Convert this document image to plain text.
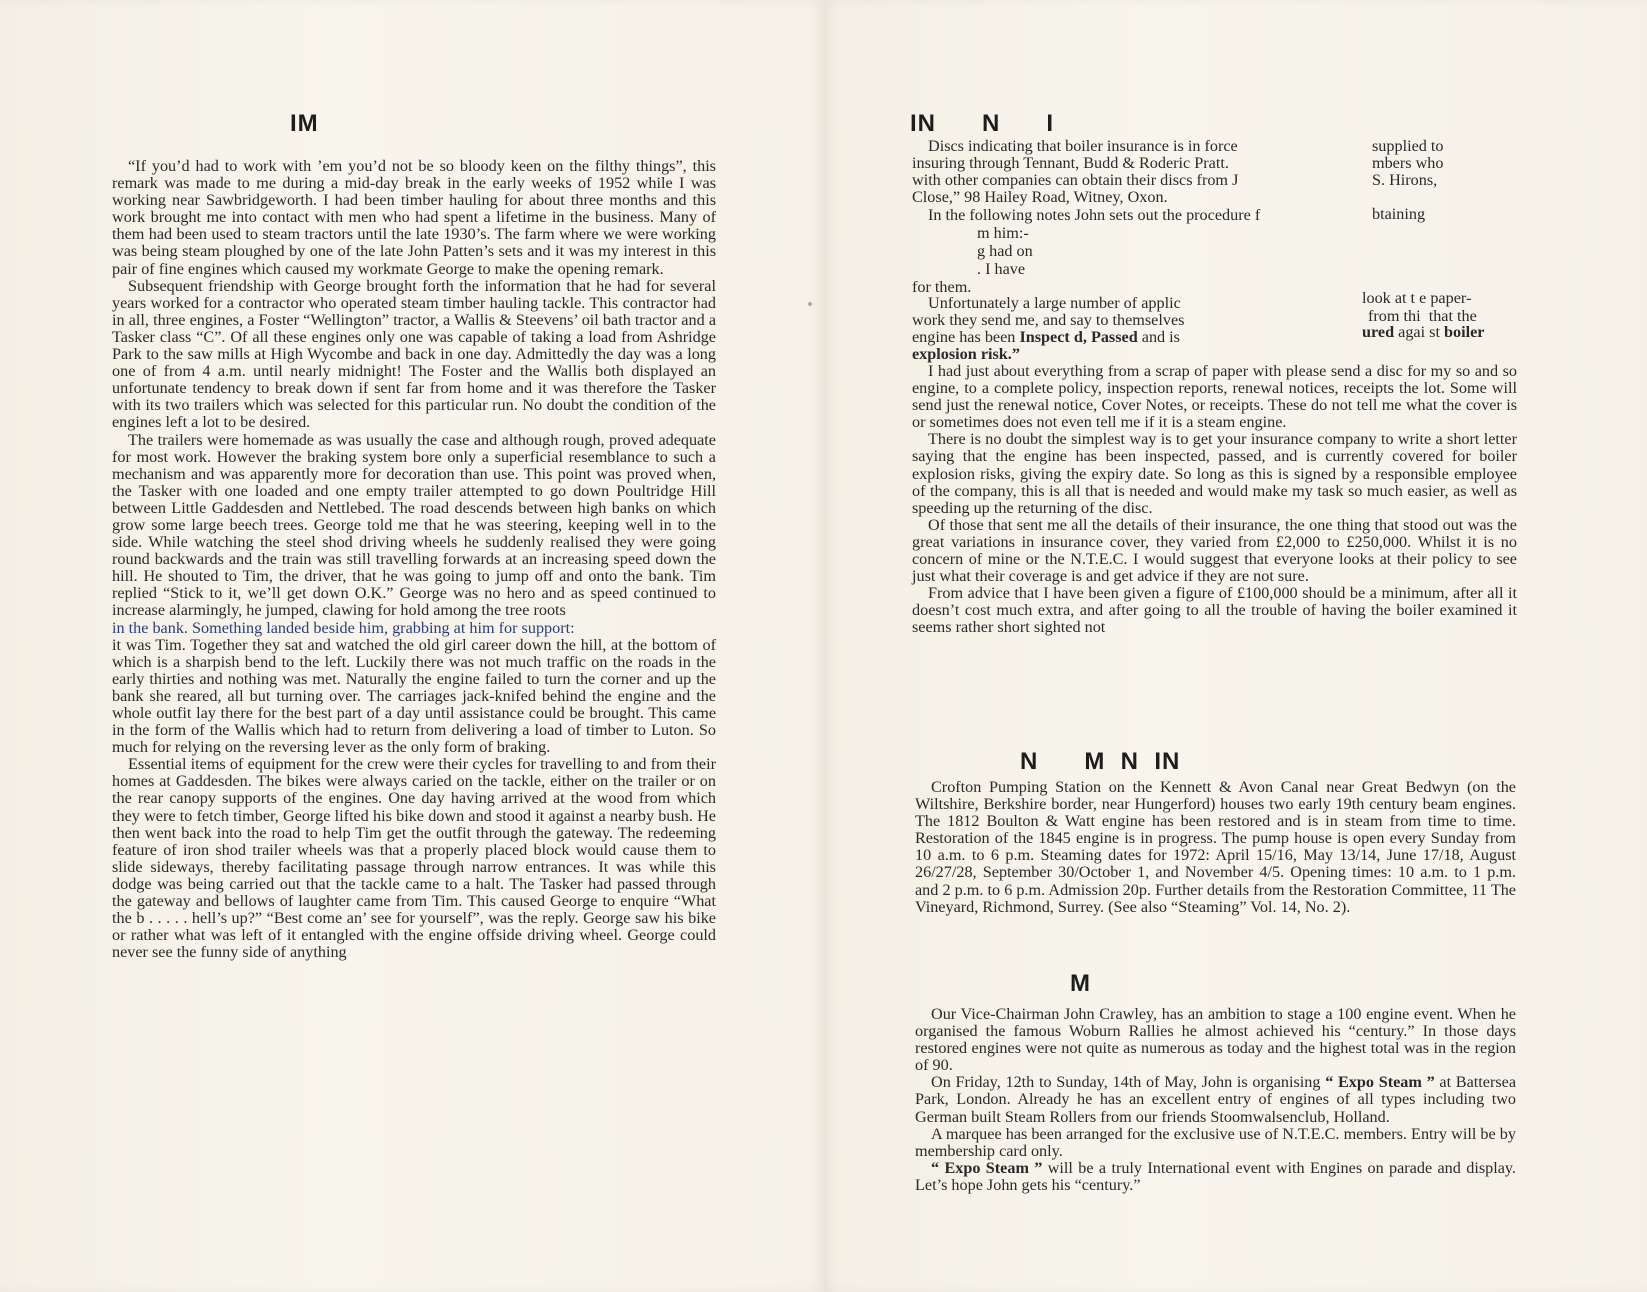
IM

“If you’d had to work with ’em you’d not be so bloody keen on the filthy things”, this remark was made to me during a mid-day break in the early weeks of 1952 while I was working near Sawbridgeworth. I had been timber hauling for about three months and this work brought me into contact with men who had spent a lifetime in the business. Many of them had been used to steam tractors until the late 1930’s. The farm where we were working was being steam ploughed by one of the late John Patten’s sets and it was my interest in this pair of fine engines which caused my workmate George to make the opening remark.

Subsequent friendship with George brought forth the information that he had for several years worked for a contractor who operated steam timber hauling tackle. This contractor had in all, three engines, a Foster “Wellington” tractor, a Wallis & Steevens’ oil bath tractor and a Tasker class “C”. Of all these engines only one was capable of taking a load from Ashridge Park to the saw mills at High Wycombe and back in one day. Admittedly the day was a long one of from 4 a.m. until nearly midnight! The Foster and the Wallis both displayed an unfortunate tendency to break down if sent far from home and it was therefore the Tasker with its two trailers which was selected for this particular run. No doubt the condition of the engines left a lot to be desired.

The trailers were homemade as was usually the case and although rough, proved adequate for most work. However the braking system bore only a superficial resemblance to such a mechanism and was apparently more for decoration than use. This point was proved when, the Tasker with one loaded and one empty trailer attempted to go down Poultridge Hill between Little Gaddesden and Nettlebed. The road descends between high banks on which grow some large beech trees. George told me that he was steering, keeping well in to the side. While watching the steel shod driving wheels he suddenly realised they were going round backwards and the train was still travelling forwards at an increasing speed down the hill. He shouted to Tim, the driver, that he was going to jump off and onto the bank. Tim replied “Stick to it, we’ll get down O.K.” George was no hero and as speed continued to increase alarmingly, he jumped, clawing for hold among the tree roots

in the bank. Something landed beside him, grabbing at him for support:

it was Tim. Together they sat and watched the old girl career down the hill, at the bottom of which is a sharpish bend to the left. Luckily there was not much traffic on the roads in the early thirties and nothing was met. Naturally the engine failed to turn the corner and up the bank she reared, all but turning over. The carriages jack-knifed behind the engine and the whole outfit lay there for the best part of a day until assistance could be brought. This came in the form of the Wallis which had to return from delivering a load of timber to Luton. So much for relying on the reversing lever as the only form of braking.

Essential items of equipment for the crew were their cycles for travelling to and from their homes at Gaddesden. The bikes were always caried on the tackle, either on the trailer or on the rear canopy supports of the engines. One day having arrived at the wood from which they were to fetch timber, George lifted his bike down and stood it against a nearby bush. He then went back into the road to help Tim get the outfit through the gateway. The redeeming feature of iron shod trailer wheels was that a properly placed block would cause them to slide sideways, thereby facilitating passage through narrow entrances. It was while this dodge was being carried out that the tackle came to a halt. The Tasker had passed through the gateway and bellows of laughter came from Tim. This caused George to enquire “What the b . . . . . hell’s up?” “Best come an’ see for yourself”, was the reply. George saw his bike or rather what was left of it entangled with the engine offside driving wheel. George could never see the funny side of anything

IN      N      I
Discs indicating that boiler insurance is in force
insuring through Tennant, Budd & Roderic Pratt.
with other companies can obtain their discs from J
Close,” 98 Hailey Road, Witney, Oxon.
supplied to
mbers who
S. Hirons,
In the following notes John sets out the procedure f	btaining
m him:-
g had on
. I have
for them.
Unfortunately a large number of applic
work they send me, and say to themselves
look at t e paper-
from thi  that the
engine has been Inspect d, Passed and is	ured agai st boiler
explosion risk.”

I had just about everything from a scrap of paper with please send a disc for my so and so engine, to a complete policy, inspection reports, renewal notices, receipts the lot. Some will send just the renewal notice, Cover Notes, or receipts. These do not tell me what the cover is or sometimes does not even tell me if it is a steam engine.

There is no doubt the simplest way is to get your insurance company to write a short letter saying that the engine has been inspected, passed, and is currently covered for boiler explosion risks, giving the expiry date. So long as this is signed by a responsible employee of the company, this is all that is needed and would make my task so much easier, as well as speeding up the returning of the disc.

Of those that sent me all the details of their insurance, the one thing that stood out was the great variations in insurance cover, they varied from £2,000 to £250,000. Whilst it is no concern of mine or the N.T.E.C. I would suggest that everyone looks at their policy to see just what their coverage is and get advice if they are not sure.

From advice that I have been given a figure of £100,000 should be a minimum, after all it doesn’t cost much extra, and after going to all the trouble of having the boiler examined it seems rather short sighted not

N      M  N  IN

Crofton Pumping Station on the Kennett & Avon Canal near Great Bedwyn (on the Wiltshire, Berkshire border, near Hungerford) houses two early 19th century beam engines. The 1812 Boulton & Watt engine has been restored and is in steam from time to time. Restoration of the 1845 engine is in progress. The pump house is open every Sunday from 10 a.m. to 6 p.m. Steaming dates for 1972: April 15/16, May 13/14, June 17/18, August 26/27/28, September 30/October 1, and November 4/5. Opening times: 10 a.m. to 1 p.m. and 2 p.m. to 6 p.m. Admission 20p. Further details from the Restoration Committee, 11 The Vineyard, Richmond, Surrey. (See also “Steaming” Vol. 14, No. 2).

M

Our Vice-Chairman John Crawley, has an ambition to stage a 100 engine event. When he organised the famous Woburn Rallies he almost achieved his “century.” In those days restored engines were not quite as numerous as today and the highest total was in the region of 90.

On Friday, 12th to Sunday, 14th of May, John is organising “ Expo Steam ” at Battersea Park, London. Already he has an excellent entry of engines of all types including two German built Steam Rollers from our friends Stoomwalsenclub, Holland.

A marquee has been arranged for the exclusive use of N.T.E.C. members. Entry will be by membership card only.

“ Expo Steam ” will be a truly International event with Engines on parade and display. Let’s hope John gets his “century.”
